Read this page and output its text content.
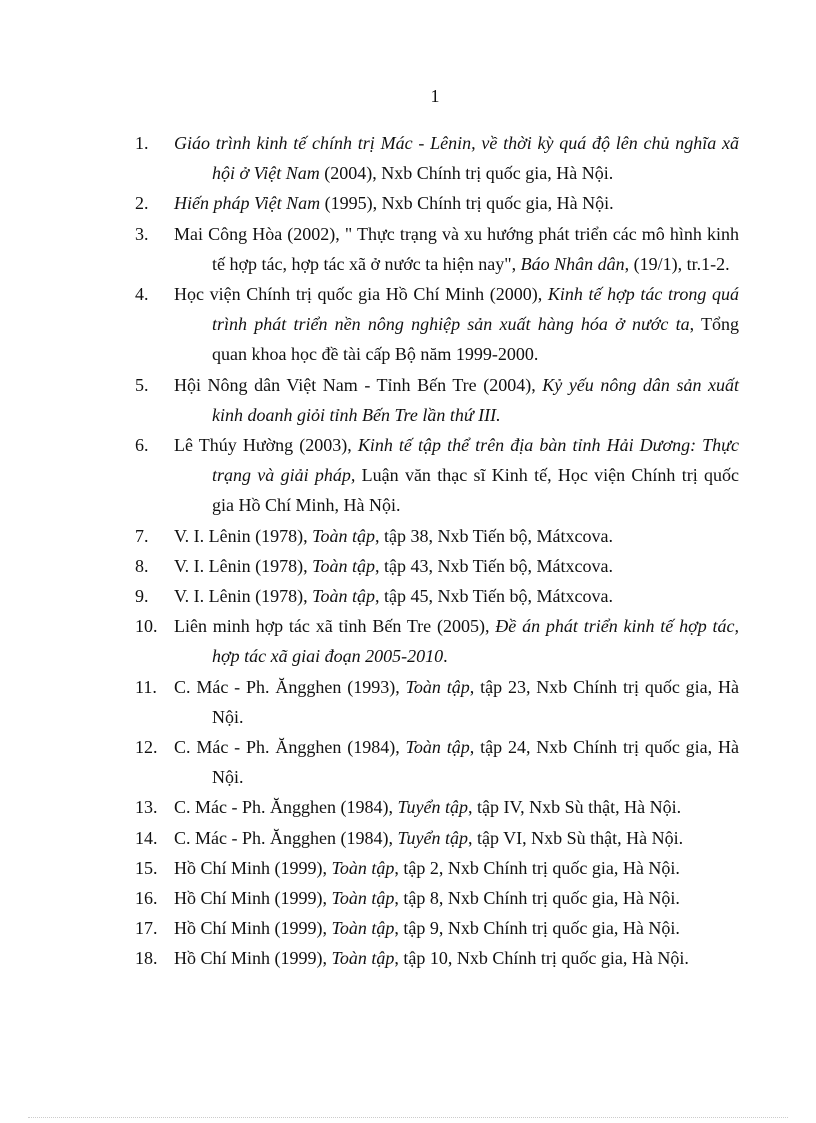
1
1. Giáo trình kinh tế chính trị Mác - Lênin, về thời kỳ quá độ lên chủ nghĩa xã hội ở Việt Nam (2004), Nxb Chính trị quốc gia, Hà Nội.
2. Hiến pháp Việt Nam (1995), Nxb Chính trị quốc gia, Hà Nội.
3. Mai Công Hòa (2002), " Thực trạng và xu hướng phát triển các mô hình kinh tế hợp tác, hợp tác xã ở nước ta hiện nay", Báo Nhân dân, (19/1), tr.1-2.
4. Học viện Chính trị quốc gia Hồ Chí Minh (2000), Kinh tế hợp tác trong quá trình phát triển nền nông nghiệp sản xuất hàng hóa ở nước ta, Tổng quan khoa học đề tài cấp Bộ năm 1999-2000.
5. Hội Nông dân Việt Nam - Tỉnh Bến Tre (2004), Kỷ yếu nông dân sản xuất kinh doanh giỏi tỉnh Bến Tre lần thứ III.
6. Lê Thúy Hường (2003), Kinh tế tập thể trên địa bàn tỉnh Hải Dương: Thực trạng và giải pháp, Luận văn thạc sĩ Kinh tế, Học viện Chính trị quốc gia Hồ Chí Minh, Hà Nội.
7. V. I. Lênin (1978), Toàn tập, tập 38, Nxb Tiến bộ, Mátxcova.
8. V. I. Lênin (1978), Toàn tập, tập 43, Nxb Tiến bộ, Mátxcova.
9. V. I. Lênin (1978), Toàn tập, tập 45, Nxb Tiến bộ, Mátxcova.
10. Liên minh hợp tác xã tỉnh Bến Tre (2005), Đề án phát triển kinh tế hợp tác, hợp tác xã giai đoạn 2005-2010.
11. C. Mác - Ph. Ăngghen (1993), Toàn tập, tập 23, Nxb Chính trị quốc gia, Hà Nội.
12. C. Mác - Ph. Ăngghen (1984), Toàn tập, tập 24, Nxb Chính trị quốc gia, Hà Nội.
13. C. Mác - Ph. Ăngghen (1984), Tuyển tập, tập IV, Nxb Sù thật, Hà Nội.
14. C. Mác - Ph. Ăngghen (1984), Tuyển tập, tập VI, Nxb Sù thật, Hà Nội.
15. Hồ Chí Minh (1999), Toàn tập, tập 2, Nxb Chính trị quốc gia, Hà Nội.
16. Hồ Chí Minh (1999), Toàn tập, tập 8, Nxb Chính trị quốc gia, Hà Nội.
17. Hồ Chí Minh (1999), Toàn tập, tập 9, Nxb Chính trị quốc gia, Hà Nội.
18. Hồ Chí Minh (1999), Toàn tập, tập 10, Nxb Chính trị quốc gia, Hà Nội.
